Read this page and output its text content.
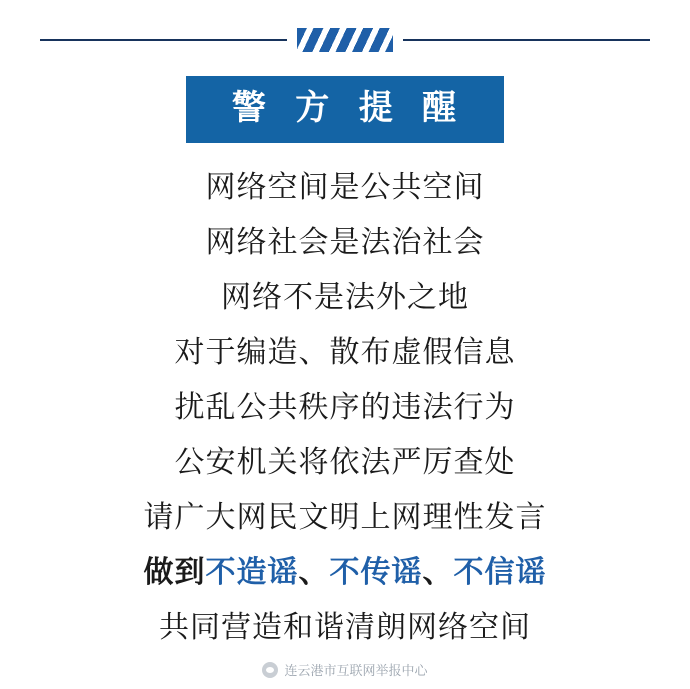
警 方 提 醒
网络空间是公共空间
网络社会是法治社会
网络不是法外之地
对于编造、散布虚假信息
扰乱公共秩序的违法行为
公安机关将依法严厉查处
请广大网民文明上网理性发言
做到不造谣、不传谣、不信谣
共同营造和谐清朗网络空间
连云港市互联网举报中心
